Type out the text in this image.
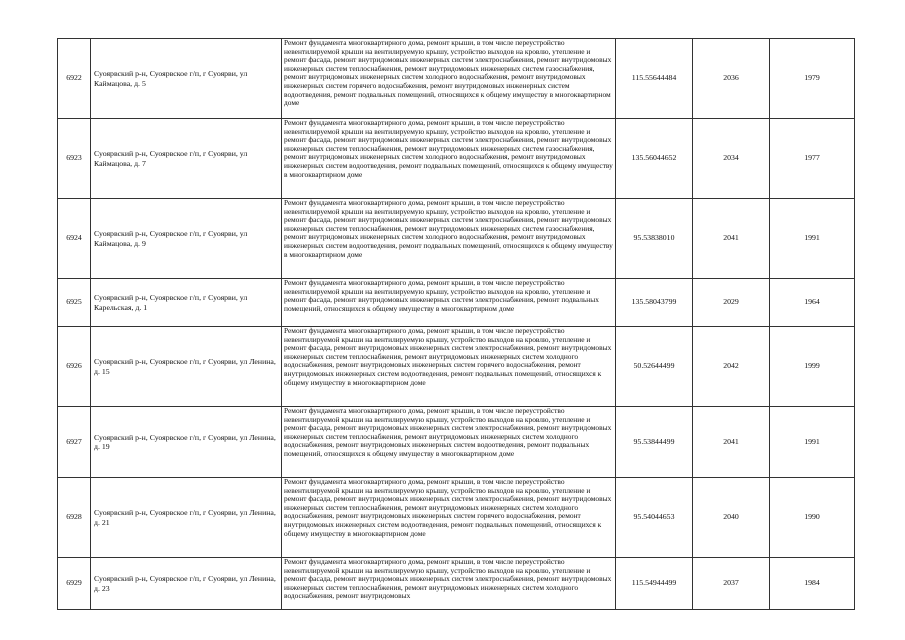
6922	Суоярвский р-н, Суоярвское г/п, г Суоярви, ул Каймацова, д. 5	Ремонт фундамента многоквартирного дома, ремонт крыши, в том числе переустройство невентилируемой крыши на вентилируемую крышу, устройство выходов на кровлю, утепление и ремонт фасада, ремонт внутридомовых инженерных систем электроснабжения, ремонт внутридомовых инженерных систем теплоснабжения, ремонт внутридомовых инженерных систем газоснабжения, ремонт внутридомовых инженерных систем холодного водоснабжения, ремонт внутридомовых инженерных систем горячего водоснабжения, ремонт внутридомовых инженерных систем водоотведения, ремонт подвальных помещений, относящихся к общему имуществу в многоквартирном доме	115.55644484	2036	1979
6923	Суоярвский р-н, Суоярвское г/п, г Суоярви, ул Каймацова, д. 7	Ремонт фундамента многоквартирного дома, ремонт крыши, в том числе переустройство невентилируемой крыши на вентилируемую крышу, устройство выходов на кровлю, утепление и ремонт фасада, ремонт внутридомовых инженерных систем электроснабжения, ремонт внутридомовых инженерных систем теплоснабжения, ремонт внутридомовых инженерных систем газоснабжения, ремонт внутридомовых инженерных систем холодного водоснабжения, ремонт внутридомовых инженерных систем водоотведения, ремонт подвальных помещений, относящихся к общему имуществу в многоквартирном доме	135.56044652	2034	1977
6924	Суоярвский р-н, Суоярвское г/п, г Суоярви, ул Каймацова, д. 9	Ремонт фундамента многоквартирного дома, ремонт крыши, в том числе переустройство невентилируемой крыши на вентилируемую крышу, устройство выходов на кровлю, утепление и ремонт фасада, ремонт внутридомовых инженерных систем электроснабжения, ремонт внутридомовых инженерных систем теплоснабжения, ремонт внутридомовых инженерных систем газоснабжения, ремонт внутридомовых инженерных систем холодного водоснабжения, ремонт внутридомовых инженерных систем водоотведения, ремонт подвальных помещений, относящихся к общему имуществу в многоквартирном доме	95.53838010	2041	1991
6925	Суоярвский р-н, Суоярвское г/п, г Суоярви, ул Карельская, д. 1	Ремонт фундамента многоквартирного дома, ремонт крыши, в том числе переустройство невентилируемой крыши на вентилируемую крышу, устройство выходов на кровлю, утепление и ремонт фасада, ремонт внутридомовых инженерных систем электроснабжения, ремонт подвальных помещений, относящихся к общему имуществу в многоквартирном доме	135.58043799	2029	1964
6926	Суоярвский р-н, Суоярвское г/п, г Суоярви, ул Ленина, д. 15	Ремонт фундамента многоквартирного дома, ремонт крыши, в том числе переустройство невентилируемой крыши на вентилируемую крышу, устройство выходов на кровлю, утепление и ремонт фасада, ремонт внутридомовых инженерных систем электроснабжения, ремонт внутридомовых инженерных систем теплоснабжения, ремонт внутридомовых инженерных систем холодного водоснабжения, ремонт внутридомовых инженерных систем горячего водоснабжения, ремонт внутридомовых инженерных систем водоотведения, ремонт подвальных помещений, относящихся к общему имуществу в многоквартирном доме	50.52644499	2042	1999
6927	Суоярвский р-н, Суоярвское г/п, г Суоярви, ул Ленина, д. 19	Ремонт фундамента многоквартирного дома, ремонт крыши, в том числе переустройство невентилируемой крыши на вентилируемую крышу, устройство выходов на кровлю, утепление и ремонт фасада, ремонт внутридомовых инженерных систем электроснабжения, ремонт внутридомовых инженерных систем теплоснабжения, ремонт внутридомовых инженерных систем холодного водоснабжения, ремонт внутридомовых инженерных систем водоотведения, ремонт подвальных помещений, относящихся к общему имуществу в многоквартирном доме	95.53844499	2041	1991
6928	Суоярвский р-н, Суоярвское г/п, г Суоярви, ул Ленина, д. 21	Ремонт фундамента многоквартирного дома, ремонт крыши, в том числе переустройство невентилируемой крыши на вентилируемую крышу, устройство выходов на кровлю, утепление и ремонт фасада, ремонт внутридомовых инженерных систем электроснабжения, ремонт внутридомовых инженерных систем теплоснабжения, ремонт внутридомовых инженерных систем холодного водоснабжения, ремонт внутридомовых инженерных систем горячего водоснабжения, ремонт внутридомовых инженерных систем водоотведения, ремонт подвальных помещений, относящихся к общему имуществу в многоквартирном доме	95.54044653	2040	1990
6929	Суоярвский р-н, Суоярвское г/п, г Суоярви, ул Ленина, д. 23	Ремонт фундамента многоквартирного дома, ремонт крыши, в том числе переустройство невентилируемой крыши на вентилируемую крышу, устройство выходов на кровлю, утепление и ремонт фасада, ремонт внутридомовых инженерных систем электроснабжения, ремонт внутридомовых инженерных систем теплоснабжения, ремонт внутридомовых инженерных систем холодного водоснабжения, ремонт внутридомовых	115.54944499	2037	1984
